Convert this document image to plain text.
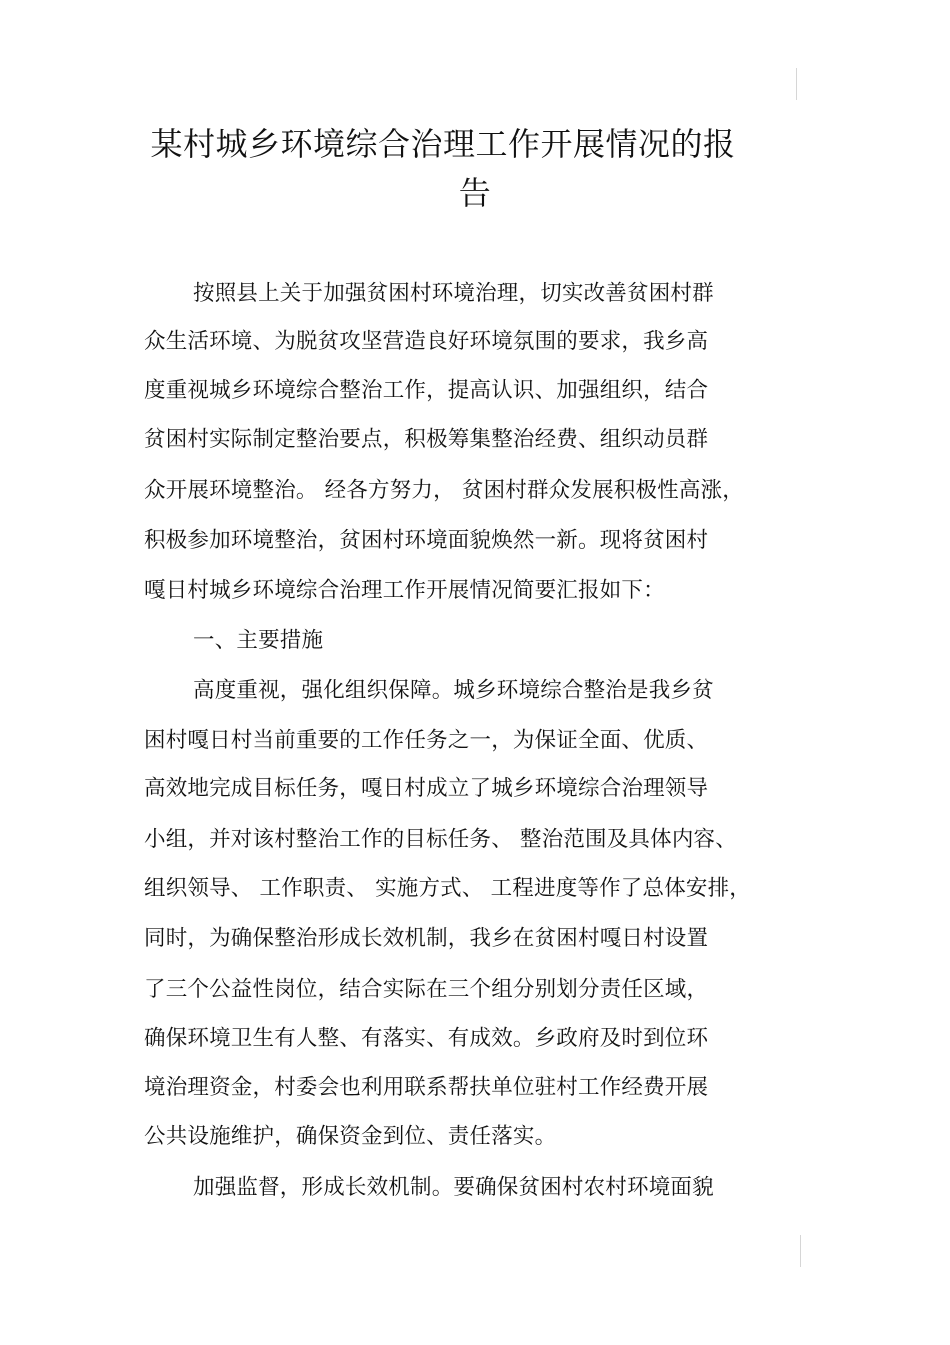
某村城乡环境综合治理工作开展情况的报
告
按照县上关于加强贫困村环境治理，切实改善贫困村群
众生活环境、为脱贫攻坚营造良好环境氛围的要求，我乡高
度重视城乡环境综合整治工作，提高认识、加强组织，结合
贫困村实际制定整治要点，积极筹集整治经费、组织动员群
众开展环境整治。 经各方努力， 贫困村群众发展积极性高涨，
积极参加环境整治，贫困村环境面貌焕然一新。现将贫困村
嘎日村城乡环境综合治理工作开展情况简要汇报如下：
一、主要措施
高度重视，强化组织保障。城乡环境综合整治是我乡贫
困村嘎日村当前重要的工作任务之一，为保证全面、优质、
高效地完成目标任务，嘎日村成立了城乡环境综合治理领导
小组，并对该村整治工作的目标任务、 整治范围及具体内容、
组织领导、 工作职责、 实施方式、 工程进度等作了总体安排，
同时，为确保整治形成长效机制，我乡在贫困村嘎日村设置
了三个公益性岗位，结合实际在三个组分别划分责任区域，
确保环境卫生有人整、有落实、有成效。乡政府及时到位环
境治理资金，村委会也利用联系帮扶单位驻村工作经费开展
公共设施维护，确保资金到位、责任落实。
加强监督，形成长效机制。要确保贫困村农村环境面貌
